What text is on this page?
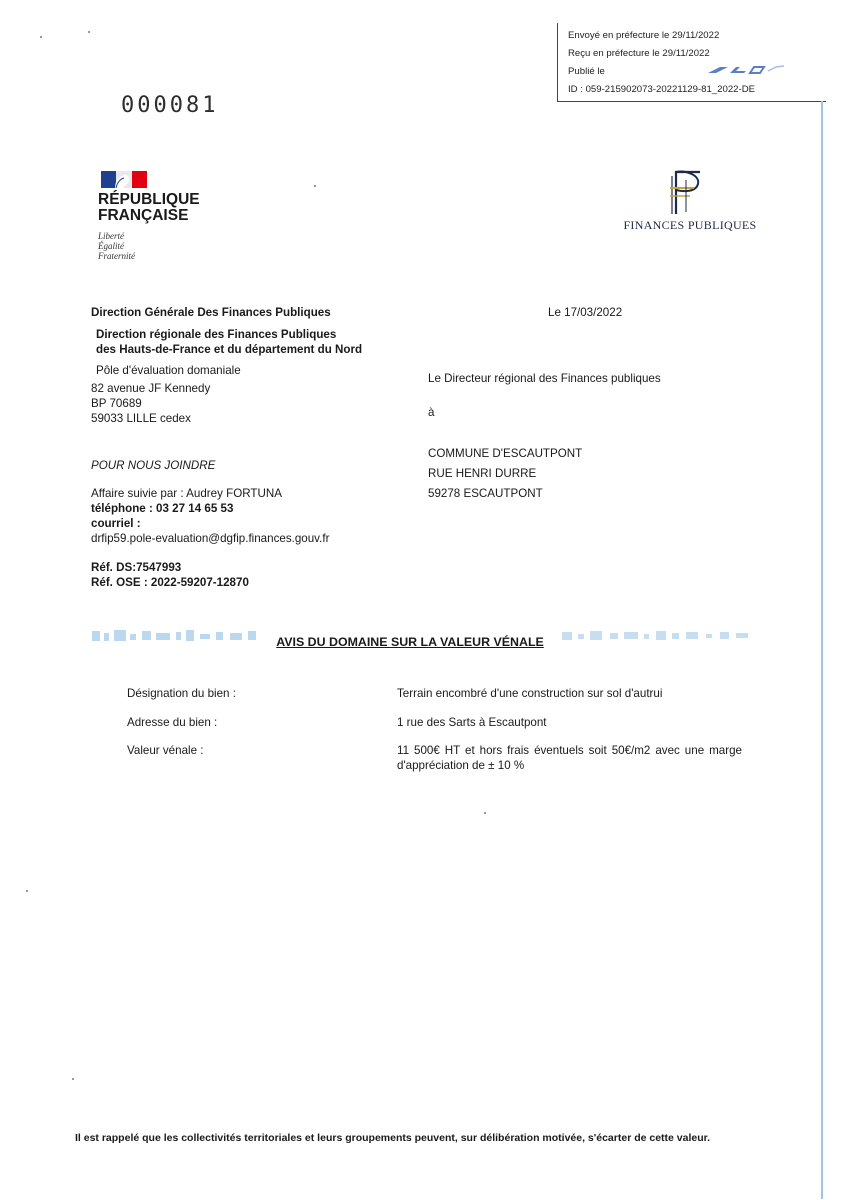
Envoyé en préfecture le 29/11/2022
Reçu en préfecture le 29/11/2022
Publié le
ID : 059-215902073-20221129-81_2022-DE
000081
RÉPUBLIQUE
FRANÇAISE
Liberté
Égalité
Fraternité
FINANCES PUBLIQUES
Direction Générale Des Finances Publiques
Direction régionale des Finances Publiques
des Hauts-de-France et du département du Nord
Pôle d'évaluation domaniale
82 avenue JF Kennedy
BP 70689
59033 LILLE cedex
Le 17/03/2022
Le Directeur régional des Finances publiques
à
COMMUNE D'ESCAUTPONT
RUE HENRI DURRE
59278 ESCAUTPONT
POUR NOUS JOINDRE
Affaire suivie par : Audrey FORTUNA
téléphone : 03 27 14 65 53
courriel :
drfip59.pole-evaluation@dgfip.finances.gouv.fr
Réf. DS:7547993
Réf. OSE : 2022-59207-12870
AVIS DU DOMAINE SUR LA VALEUR VÉNALE
Désignation du bien :	Terrain encombré d'une construction sur sol d'autrui
Adresse du bien :	1 rue des Sarts à Escautpont
Valeur vénale :	11 500€ HT et hors frais éventuels soit 50€/m2 avec une marge d'appréciation de ± 10 %
Il est rappelé que les collectivités territoriales et leurs groupements peuvent, sur délibération motivée, s'écarter de cette valeur.
